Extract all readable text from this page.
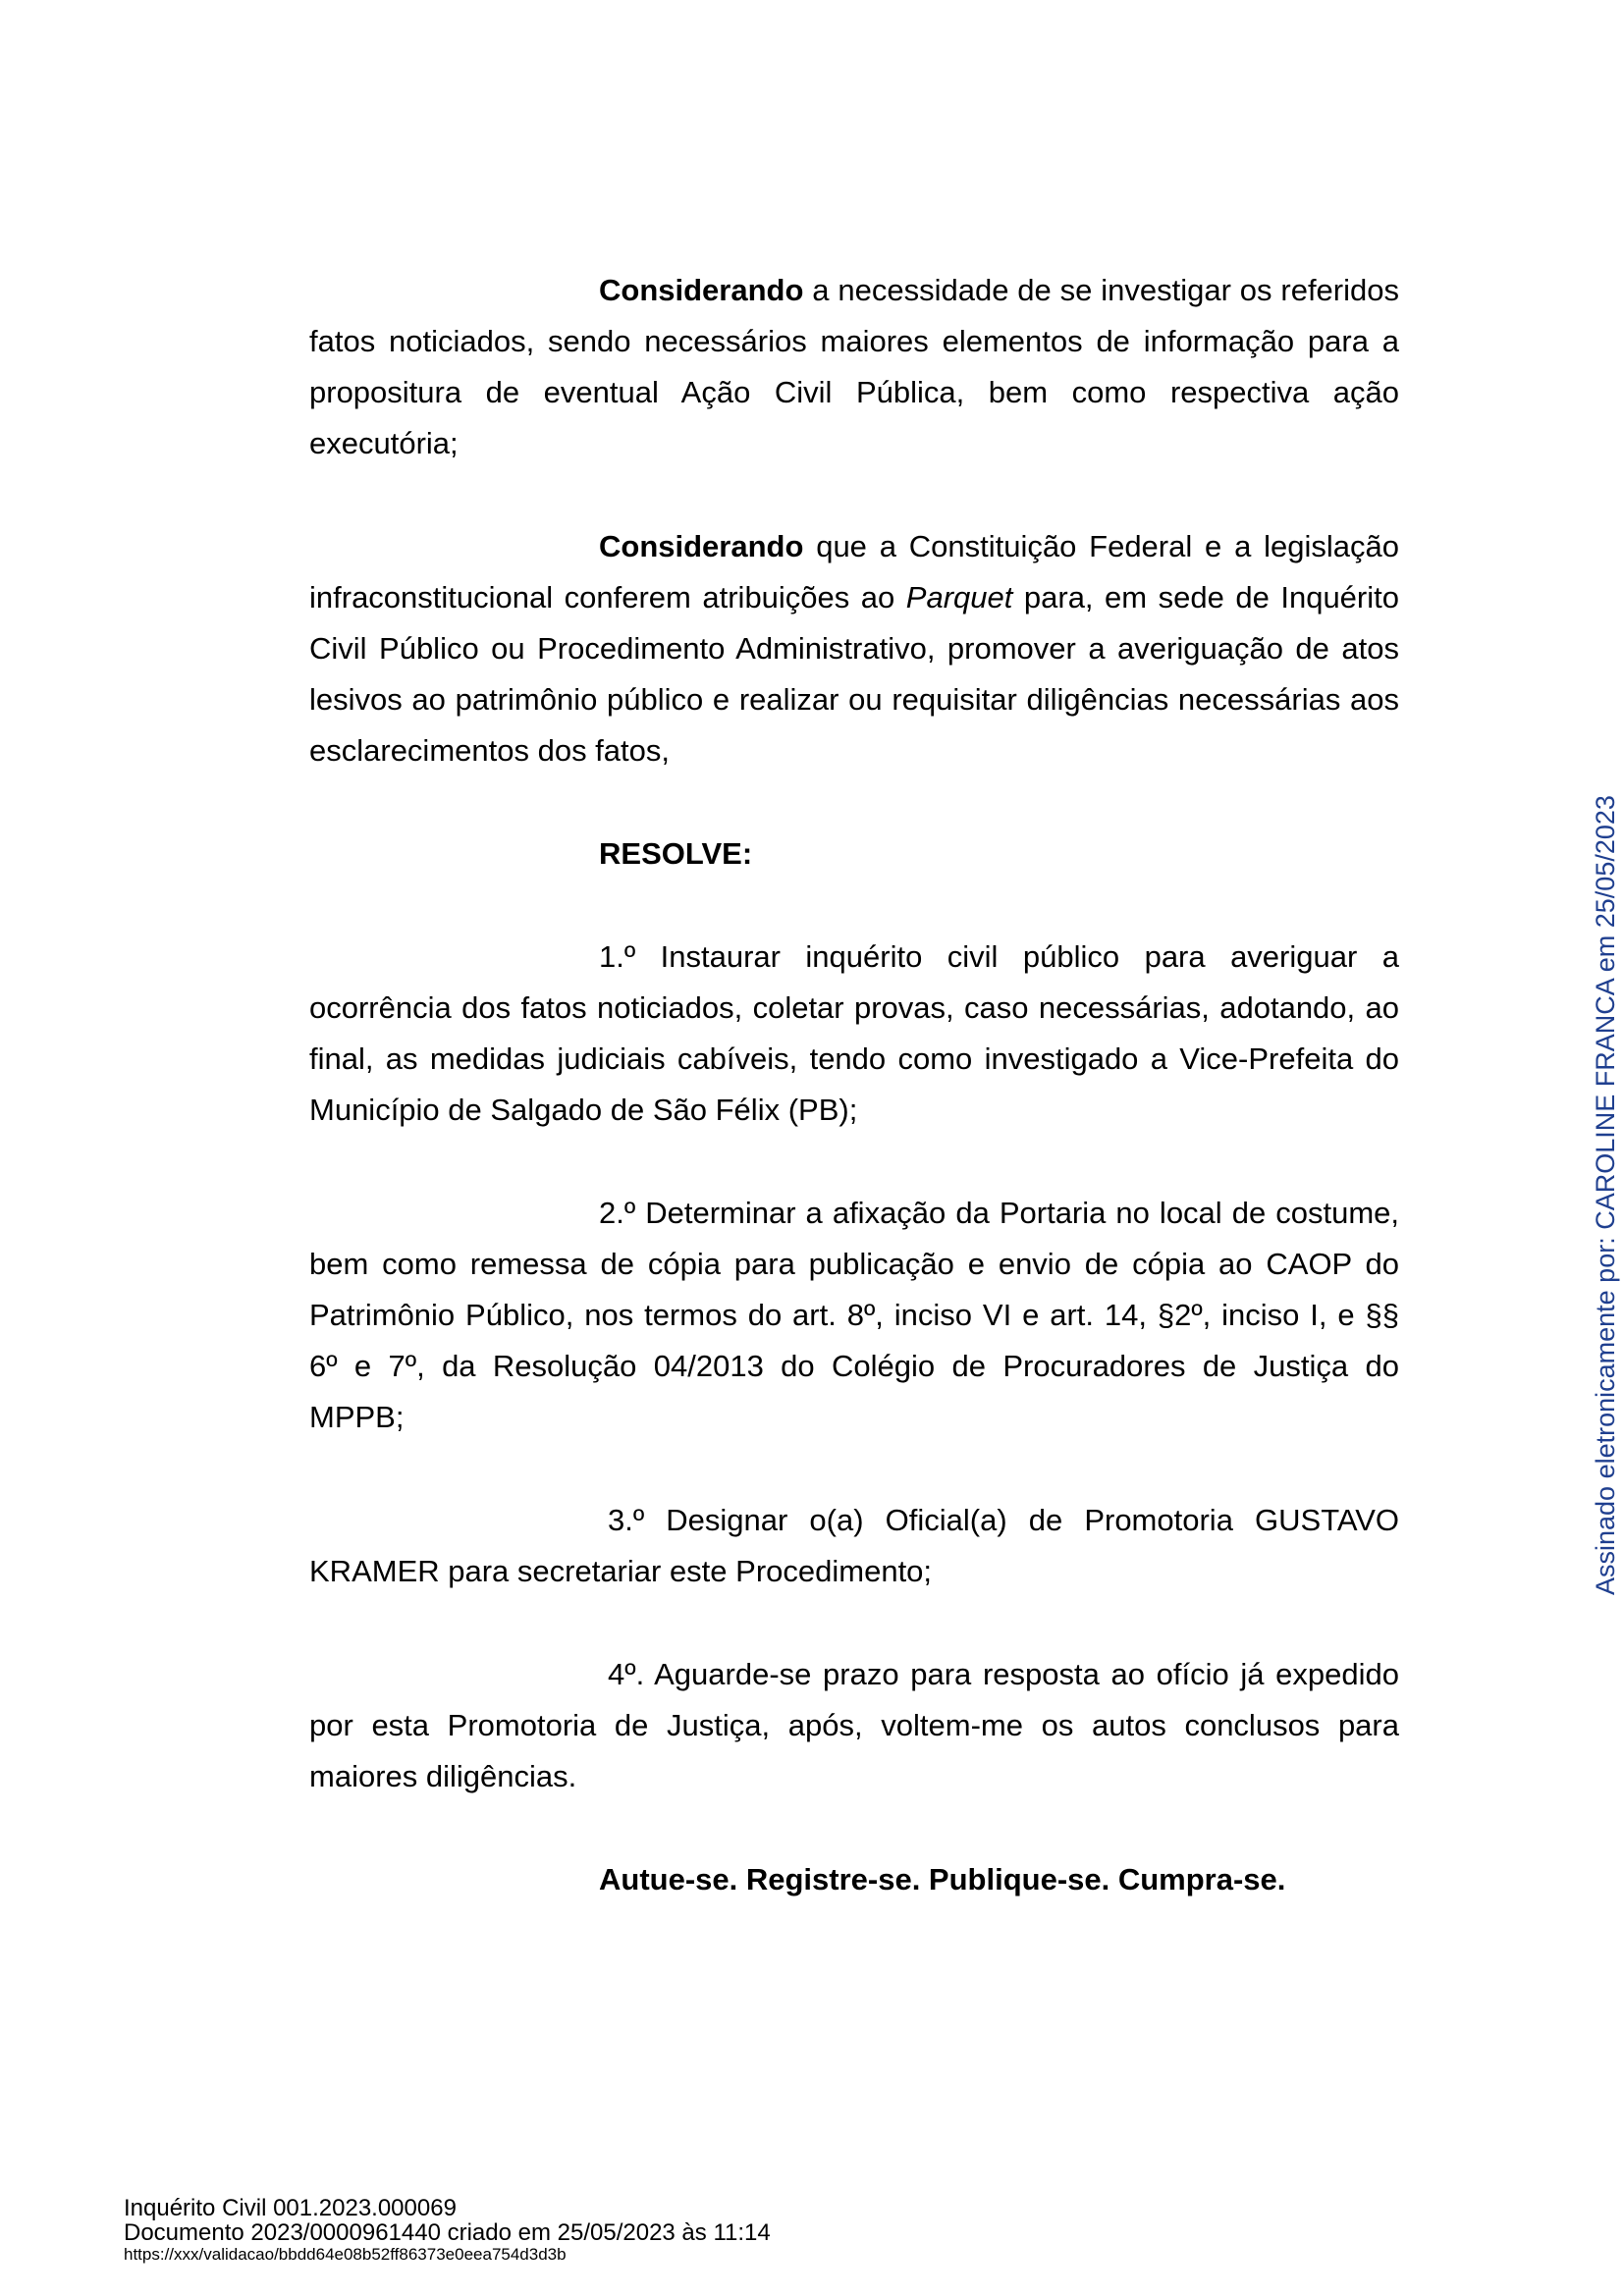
Considerando a necessidade de se investigar os referidos fatos noticiados, sendo necessários maiores elementos de informação para a propositura de eventual Ação Civil Pública, bem como respectiva ação executória;

Considerando que a Constituição Federal e a legislação infraconstitucional conferem atribuições ao Parquet para, em sede de Inquérito Civil Público ou Procedimento Administrativo, promover a averiguação de atos lesivos ao patrimônio público e realizar ou requisitar diligências necessárias aos esclarecimentos dos fatos,

RESOLVE:

1.º Instaurar inquérito civil público para averiguar a ocorrência dos fatos noticiados, coletar provas, caso necessárias, adotando, ao final, as medidas judiciais cabíveis, tendo como investigado a Vice-Prefeita do Município de Salgado de São Félix (PB);

2.º Determinar a afixação da Portaria no local de costume, bem como remessa de cópia para publicação e envio de cópia ao CAOP do Patrimônio Público, nos termos do art. 8º, inciso VI e art. 14, §2º, inciso I, e §§ 6º e 7º, da Resolução 04/2013 do Colégio de Procuradores de Justiça do MPPB;

3.º Designar o(a) Oficial(a) de Promotoria GUSTAVO KRAMER para secretariar este Procedimento;

4º. Aguarde-se prazo para resposta ao ofício já expedido por esta Promotoria de Justiça, após, voltem-me os autos conclusos para maiores diligências.

Autue-se. Registre-se. Publique-se. Cumpra-se.

Assinado eletronicamente por: CAROLINE FRANCA em 25/05/2023
Inquérito Civil 001.2023.000069
Documento 2023/0000961440 criado em 25/05/2023 às 11:14
https://xxx/validacao/bbdd64e08b52ff86373e0eea754d3d3b
